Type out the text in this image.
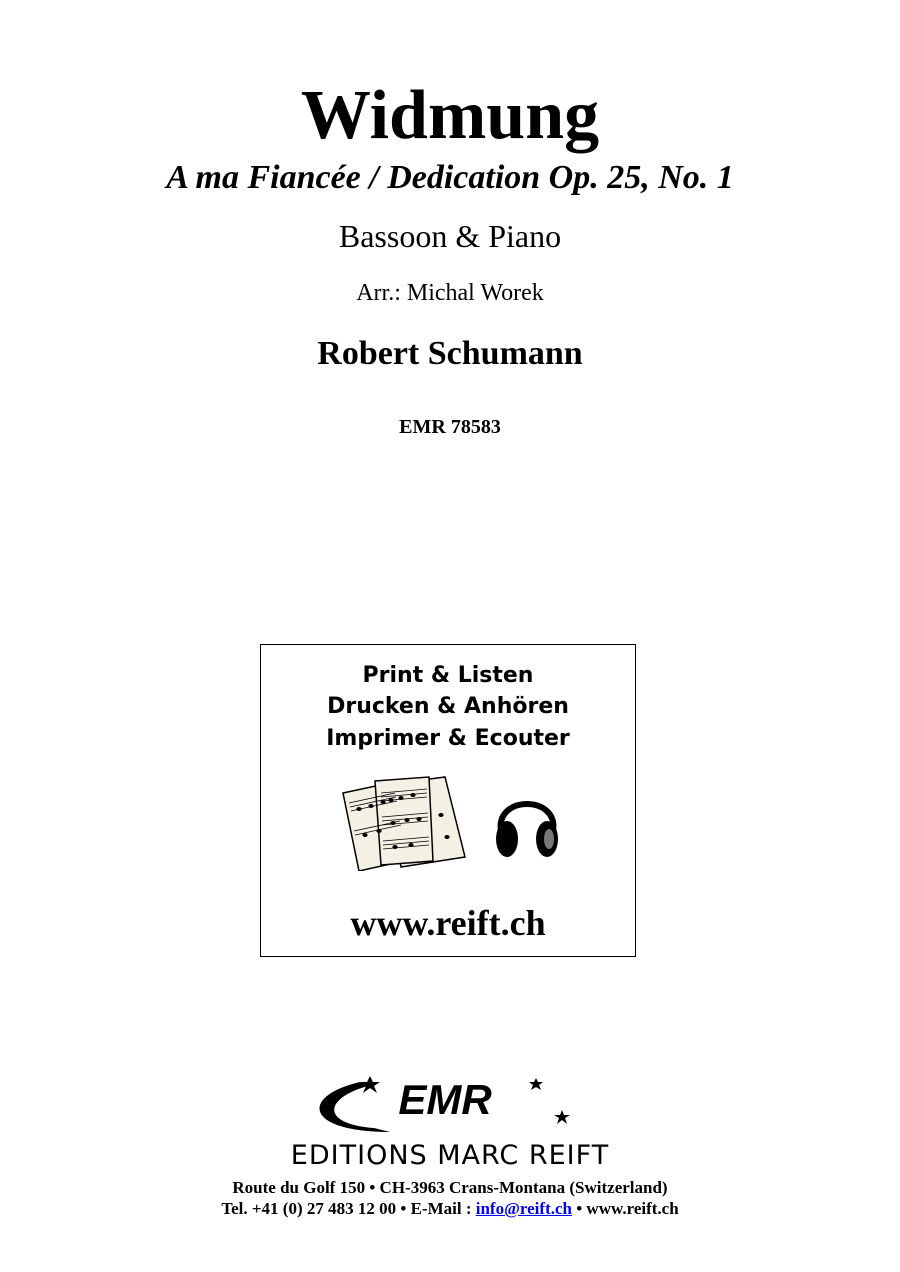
Widmung
A ma Fiancée / Dedication Op. 25, No. 1
Bassoon & Piano
Arr.: Michal Worek
Robert Schumann
EMR 78583
Print & Listen
Drucken & Anhören
Imprimer & Ecouter
www.reift.ch
EMR
EDITIONS MARC REIFT
Route du Golf 150 • CH-3963 Crans-Montana (Switzerland)
Tel. +41 (0) 27 483 12 00 • E-Mail : info@reift.ch • www.reift.ch
